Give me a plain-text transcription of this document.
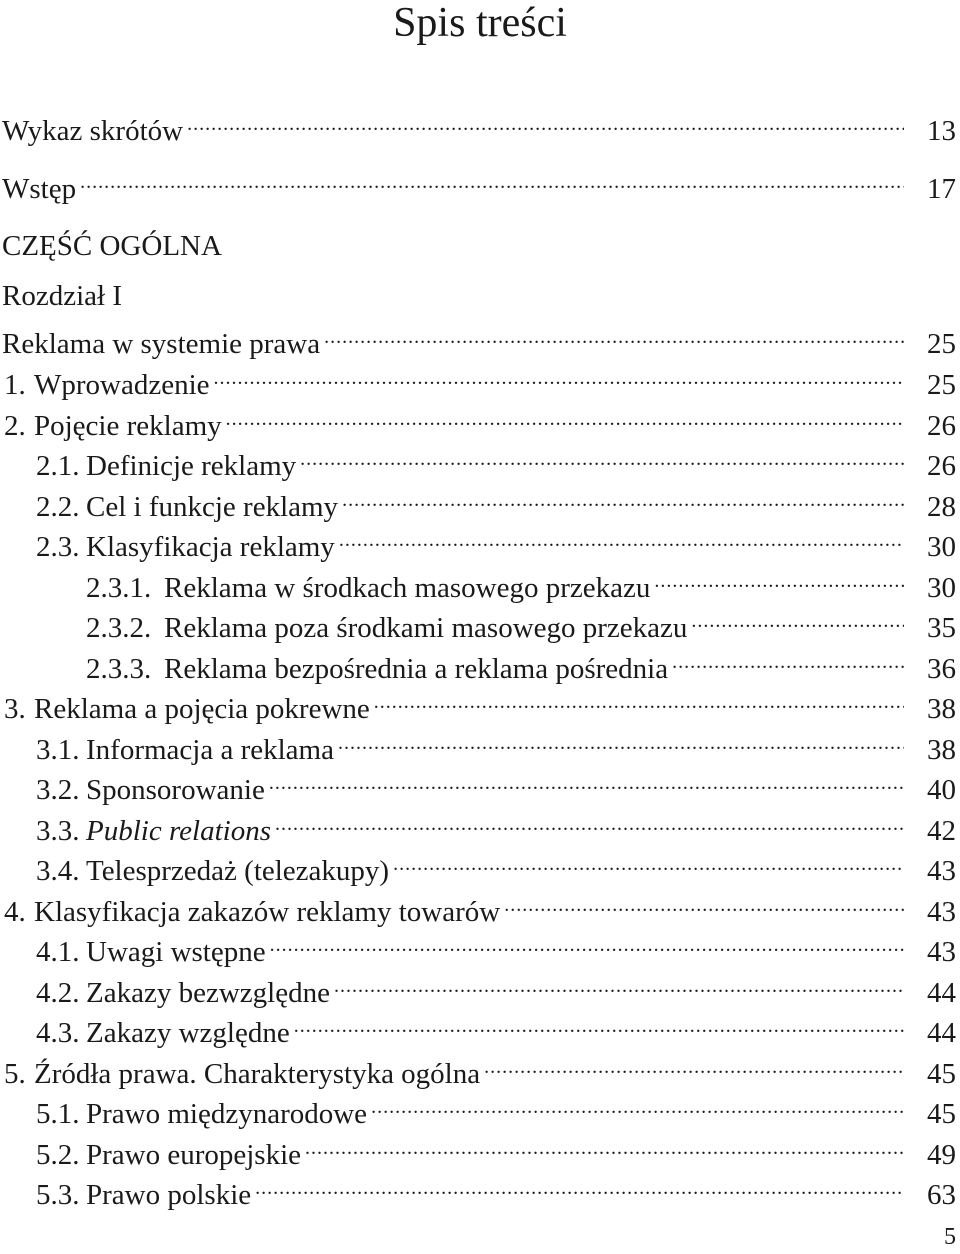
Spis treści
Wykaz skrótów .....	13
Wstęp .....	17
CZĘŚĆ OGÓLNA
Rozdział I
Reklama w systemie prawa .....	25
1. Wprowadzenie .....	25
2. Pojęcie reklamy .....	26
2.1. Definicje reklamy .....	26
2.2. Cel i funkcje reklamy .....	28
2.3. Klasyfikacja reklamy .....	30
2.3.1. Reklama w środkach masowego przekazu .....	30
2.3.2. Reklama poza środkami masowego przekazu .....	35
2.3.3. Reklama bezpośrednia a reklama pośrednia .....	36
3. Reklama a pojęcia pokrewne .....	38
3.1. Informacja a reklama .....	38
3.2. Sponsorowanie .....	40
3.3. Public relations .....	42
3.4. Telesprzedaż (telezakupy) .....	43
4. Klasyfikacja zakazów reklamy towarów .....	43
4.1. Uwagi wstępne .....	43
4.2. Zakazy bezwzględne .....	44
4.3. Zakazy względne .....	44
5. Źródła prawa. Charakterystyka ogólna .....	45
5.1. Prawo międzynarodowe .....	45
5.2. Prawo europejskie .....	49
5.3. Prawo polskie .....	63
5
